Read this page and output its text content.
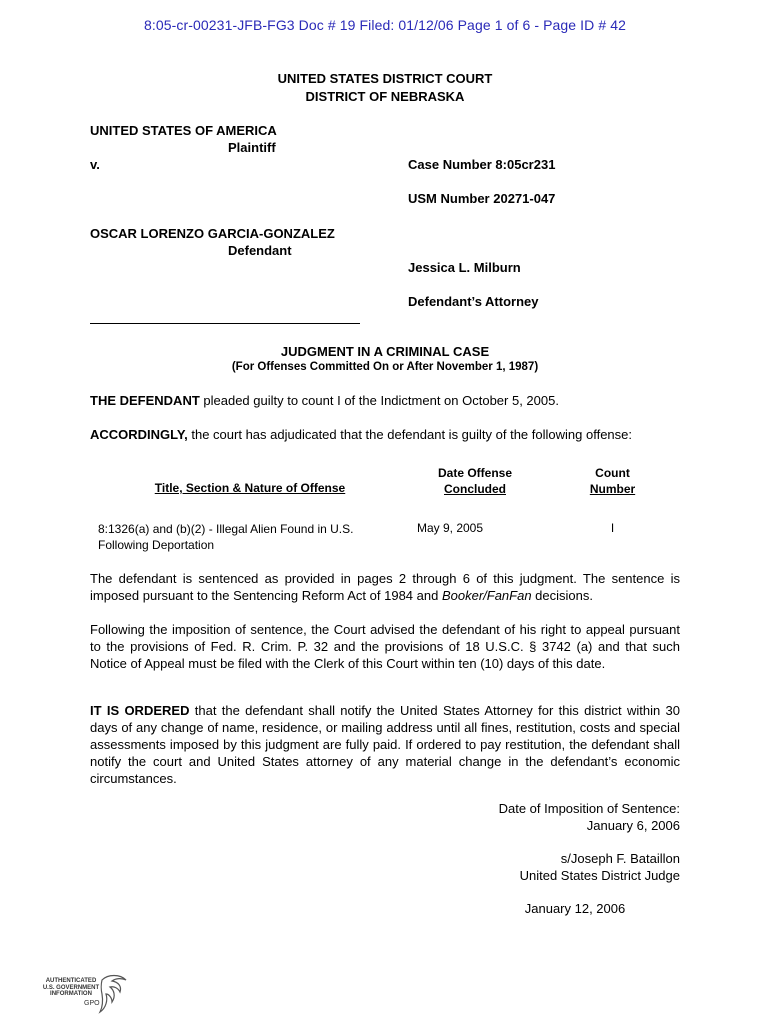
8:05-cr-00231-JFB-FG3 Doc # 19 Filed: 01/12/06 Page 1 of 6 - Page ID # 42
UNITED STATES DISTRICT COURT
DISTRICT OF NEBRASKA
UNITED STATES OF AMERICA
Plaintiff
v.	Case Number 8:05cr231
USM Number 20271-047
OSCAR LORENZO GARCIA-GONZALEZ
Defendant
Jessica L. Milburn
Defendant’s Attorney
JUDGMENT IN A CRIMINAL CASE
(For Offenses Committed On or After November 1, 1987)
THE DEFENDANT pleaded guilty to count I of the Indictment on October 5, 2005.
ACCORDINGLY, the court has adjudicated that the defendant is guilty of the following offense:
Title, Section & Nature of Offense
Date Offense
Concluded
Count
Number
8:1326(a) and (b)(2) - Illegal Alien Found in U.S.
Following Deportation
May 9, 2005	I
The defendant is sentenced as provided in pages 2 through 6 of this judgment. The sentence is imposed pursuant to the Sentencing Reform Act of 1984 and Booker/FanFan decisions.
Following the imposition of sentence, the Court advised the defendant of his right to appeal pursuant to the provisions of Fed. R. Crim. P. 32 and the provisions of 18 U.S.C. § 3742 (a) and that such Notice of Appeal must be filed with the Clerk of this Court within ten (10) days of this date.
IT IS ORDERED that the defendant shall notify the United States Attorney for this district within 30 days of any change of name, residence, or mailing address until all fines, restitution, costs and special assessments imposed by this judgment are fully paid. If ordered to pay restitution, the defendant shall notify the court and United States attorney of any material change in the defendant’s economic circumstances.
Date of Imposition of Sentence:
January 6, 2006
s/Joseph F. Bataillon
United States District Judge
January 12, 2006
AUTHENTICATED
U.S. GOVERNMENT
INFORMATION
GPO
